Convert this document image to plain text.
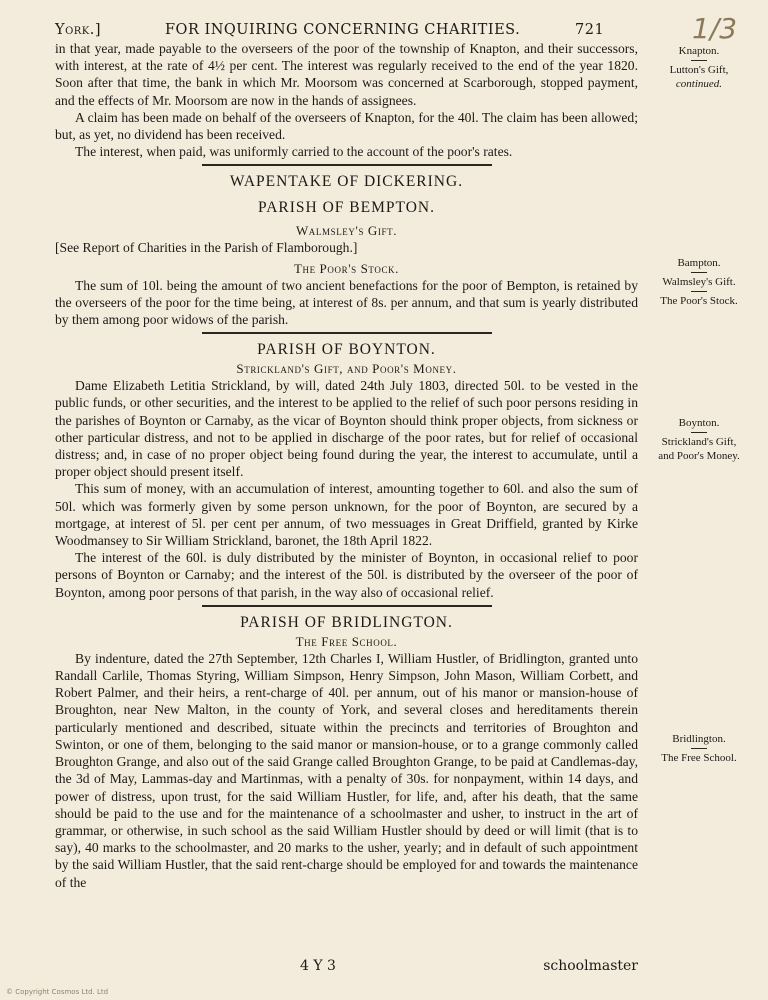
York.]	FOR INQUIRING CONCERNING CHARITIES.	721	1/3

in that year, made payable to the overseers of the poor of the township of Knapton, and their successors, with interest, at the rate of 4½ per cent. The interest was regularly received to the end of the year 1820. Soon after that time, the bank in which Mr. Moorsom was concerned at Scarborough, stopped payment, and the effects of Mr. Moorsom are now in the hands of assignees.

A claim has been made on behalf of the overseers of Knapton, for the 40l. The claim has been allowed; but, as yet, no dividend has been received.

The interest, when paid, was uniformly carried to the account of the poor's rates.

WAPENTAKE OF DICKERING.
PARISH OF BEMPTON.
Walmsley's Gift.

[See Report of Charities in the Parish of Flamborough.]

The Poor's Stock.

The sum of 10l. being the amount of two ancient benefactions for the poor of Bempton, is retained by the overseers of the poor for the time being, at interest of 8s. per annum, and that sum is yearly distributed by them among poor widows of the parish.

PARISH OF BOYNTON.
Strickland's Gift, and Poor's Money.

Dame Elizabeth Letitia Strickland, by will, dated 24th July 1803, directed 50l. to be vested in the public funds, or other securities, and the interest to be applied to the relief of such poor persons residing in the parishes of Boynton or Carnaby, as the vicar of Boynton should think proper objects, from sickness or other particular distress, and not to be applied in discharge of the poor rates, but for relief of occasional distress; and, in case of no proper object being found during the year, the interest to accumulate, until a proper object should present itself.

This sum of money, with an accumulation of interest, amounting together to 60l. and also the sum of 50l. which was formerly given by some person unknown, for the poor of Boynton, are secured by a mortgage, at interest of 5l. per cent per annum, of two messuages in Great Driffield, granted by Kirke Woodmansey to Sir William Strickland, baronet, the 18th April 1822.

The interest of the 60l. is duly distributed by the minister of Boynton, in occasional relief to poor persons of Boynton or Carnaby; and the interest of the 50l. is distributed by the overseer of the poor of Boynton, among poor persons of that parish, in the way also of occasional relief.

PARISH OF BRIDLINGTON.
The Free School.

By indenture, dated the 27th September, 12th Charles I, William Hustler, of Bridlington, granted unto Randall Carlile, Thomas Styring, William Simpson, Henry Simpson, John Mason, William Corbett, and Robert Palmer, and their heirs, a rent-charge of 40l. per annum, out of his manor or mansion-house of Broughton, near New Malton, in the county of York, and several closes and hereditaments therein particularly mentioned and described, situate within the precincts and territories of Broughton and Swinton, or one of them, belonging to the said manor or mansion-house, or to a grange commonly called Broughton Grange, and also out of the said Grange called Broughton Grange, to be paid at Candlemas-day, the 3d of May, Lammas-day and Martinmas, with a penalty of 30s. for nonpayment, within 14 days, and power of distress, upon trust, for the said William Hustler, for life, and, after his death, that the same should be paid to the use and for the maintenance of a schoolmaster and usher, to instruct in the art of grammar, or otherwise, in such school as the said William Hustler should by deed or will limit (that is to say), 40 marks to the schoolmaster, and 20 marks to the usher, yearly; and in default of such appointment by the said William Hustler, that the said rent-charge should be employed for and towards the maintenance of the

Knapton.
Lutton's Gift,
continued.
Bampton.
Walmsley's Gift.
The Poor's Stock.
Boynton.
Strickland's Gift,
and Poor's Money.
Bridlington.
The Free School.
4 Y 3	schoolmaster
© Copyright Cosmos Ltd. Ltd
